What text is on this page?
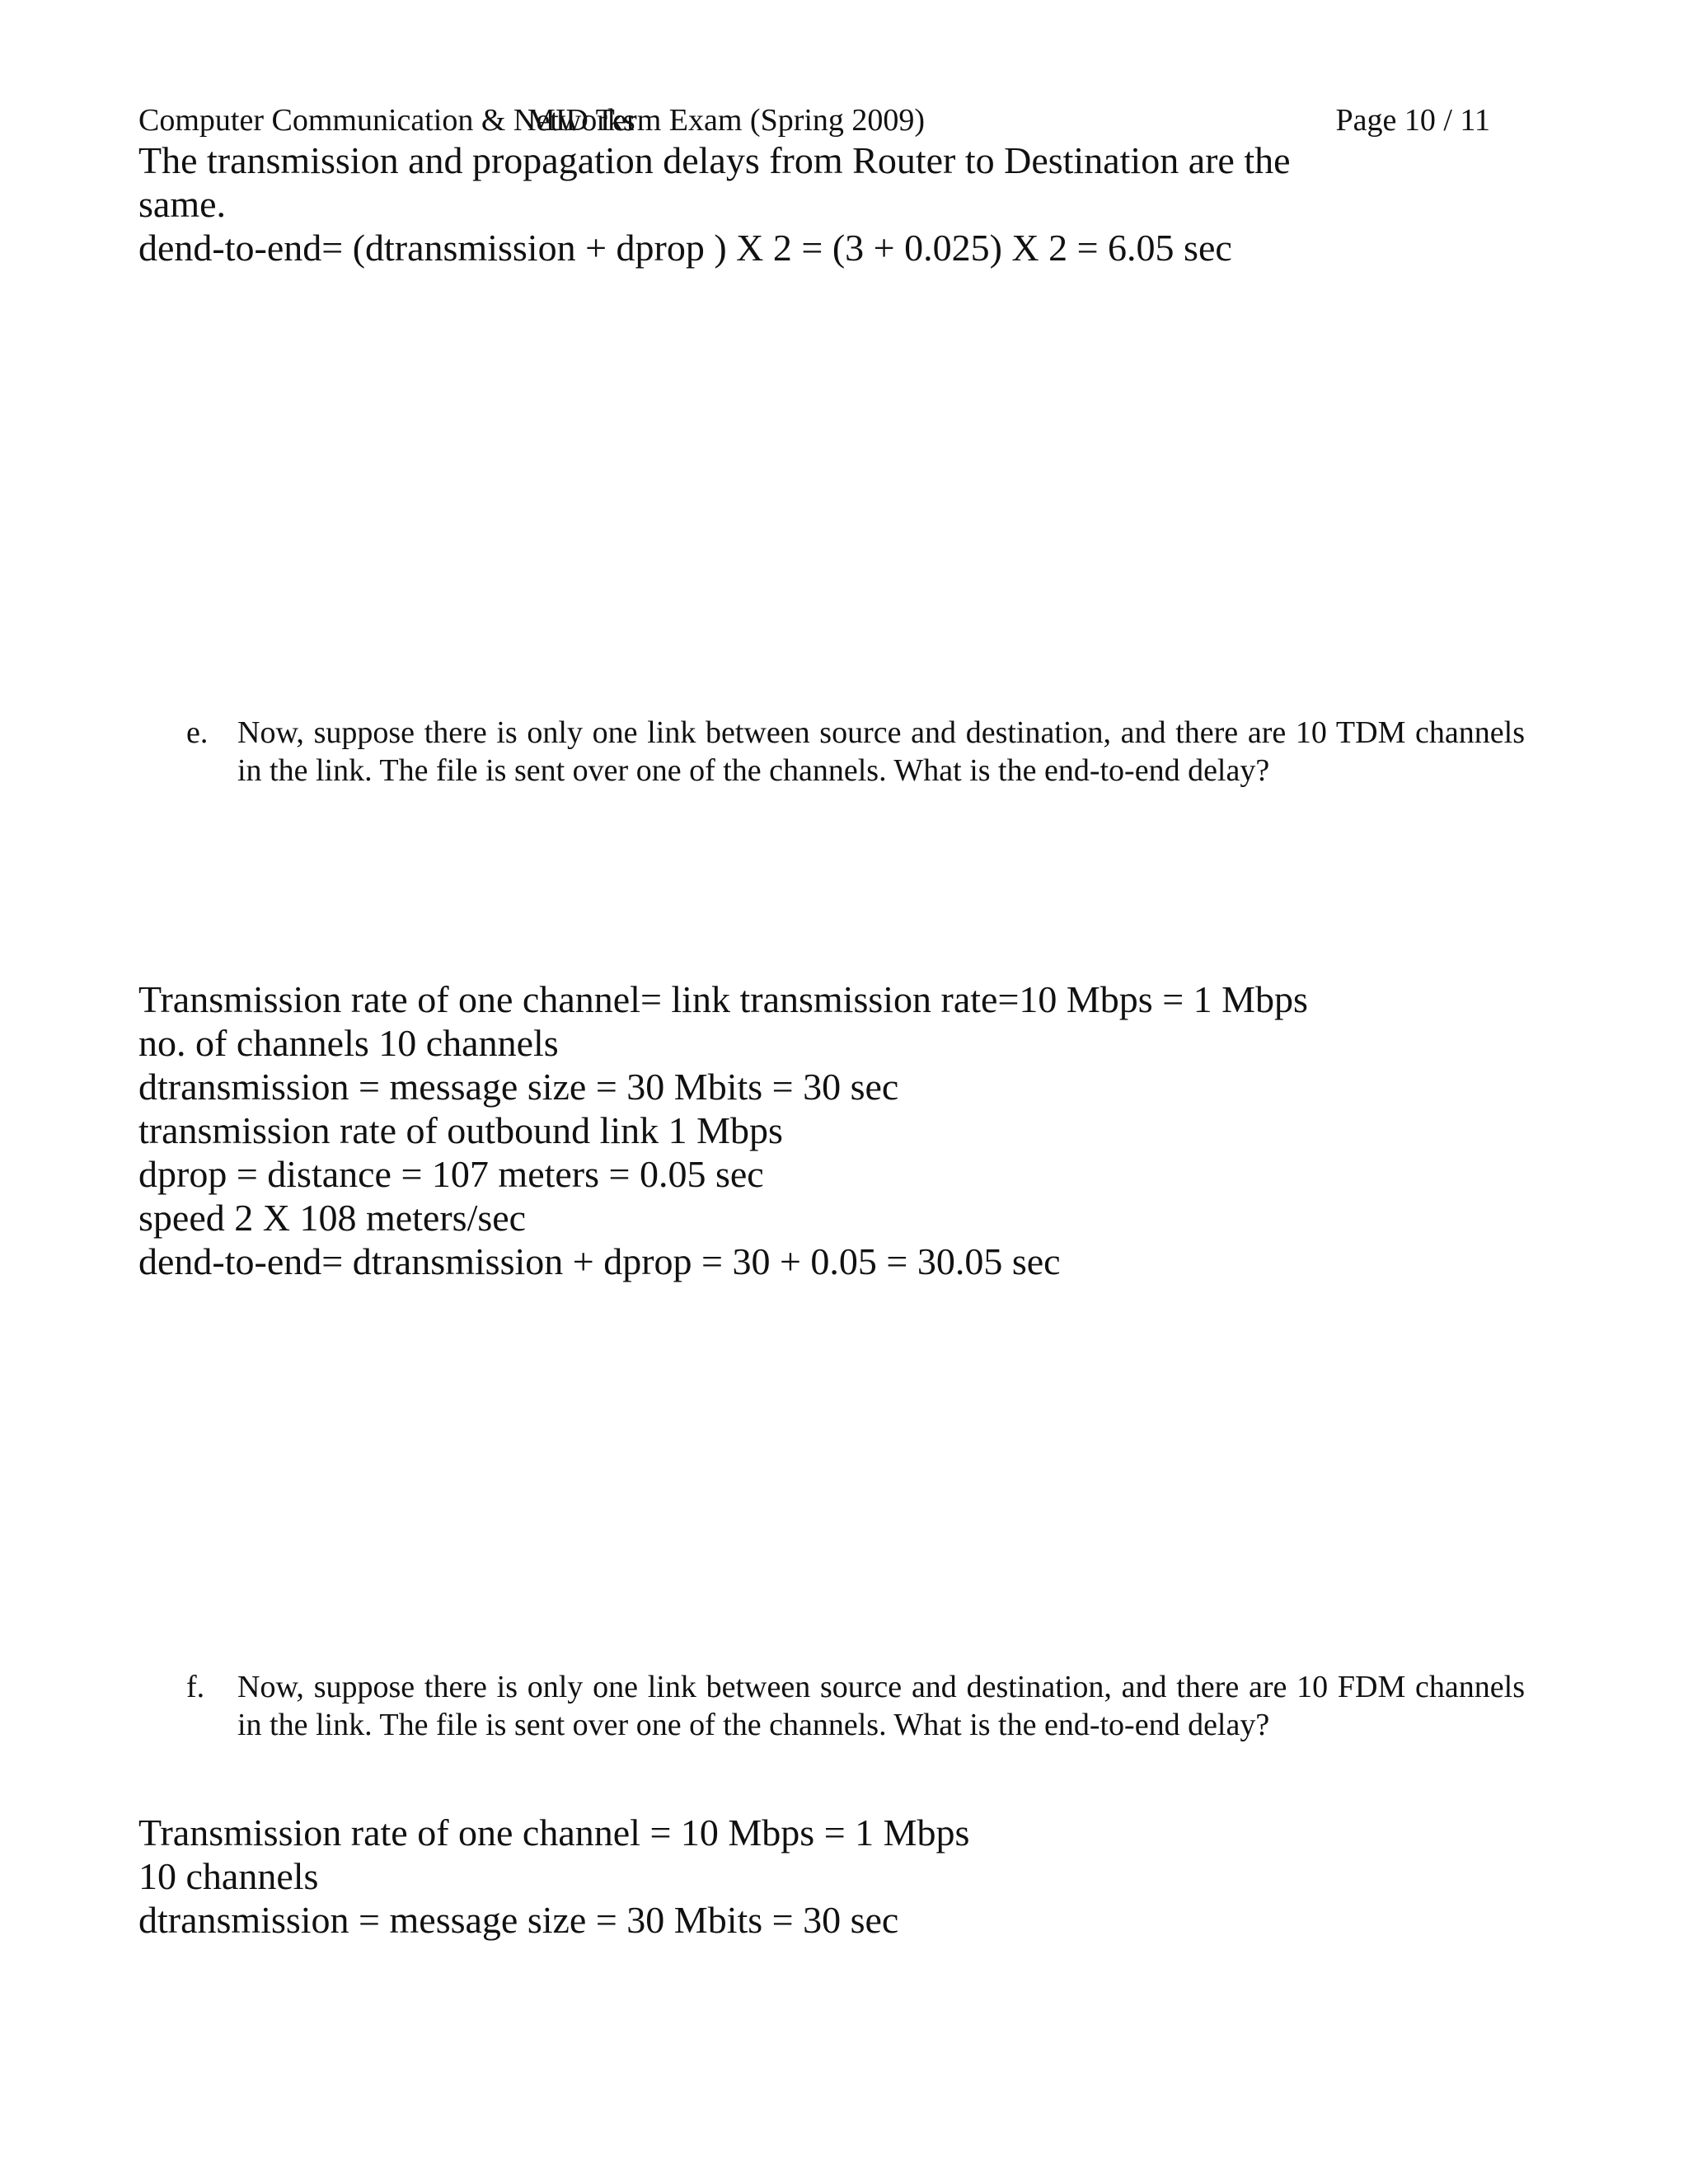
Computer Communication & Networks
MID Term Exam (Spring 2009)	Page 10 / 11
The transmission and propagation delays from Router to Destination are the
same.
dend-to-end= (dtransmission + dprop ) X 2 = (3 + 0.025) X 2 = 6.05 sec
e. Now, suppose there is only one link between source and destination, and there are 10 TDM channels in the link. The file is sent over one of the channels. What is the end-to-end delay?
Transmission rate of one channel= link transmission rate=10 Mbps = 1 Mbps
no. of channels 10 channels
dtransmission = message size = 30 Mbits = 30 sec
transmission rate of outbound link 1 Mbps
dprop = distance = 107 meters = 0.05 sec
speed 2 X 108 meters/sec
dend-to-end= dtransmission + dprop = 30 + 0.05 = 30.05 sec
f. Now, suppose there is only one link between source and destination, and there are 10 FDM channels in the link. The file is sent over one of the channels. What is the end-to-end delay?
Transmission rate of one channel = 10 Mbps = 1 Mbps
10 channels
dtransmission = message size = 30 Mbits = 30 sec
